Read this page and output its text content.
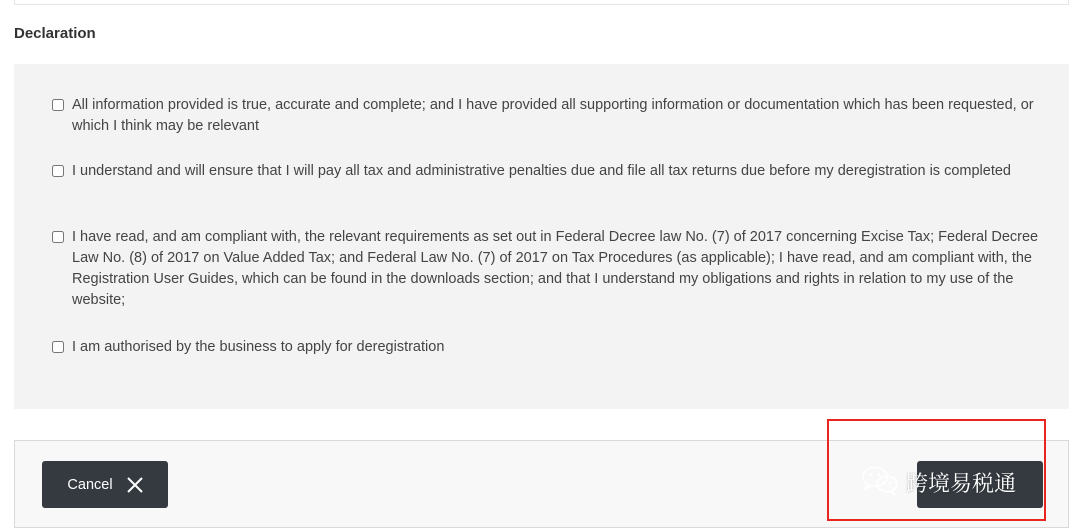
Declaration
All information provided is true, accurate and complete; and I have provided all supporting information or documentation which has been requested, or which I think may be relevant
I understand and will ensure that I will pay all tax and administrative penalties due and file all tax returns due before my deregistration is completed
I have read, and am compliant with, the relevant requirements as set out in Federal Decree law No. (7) of 2017 concerning Excise Tax; Federal Decree Law No. (8) of 2017 on Value Added Tax; and Federal Law No. (7) of 2017 on Tax Procedures (as applicable); I have read, and am compliant with, the Registration User Guides, which can be found in the downloads section; and that I understand my obligations and rights in relation to my use of the website;
I am authorised by the business to apply for deregistration
Cancel	跨境易税通
